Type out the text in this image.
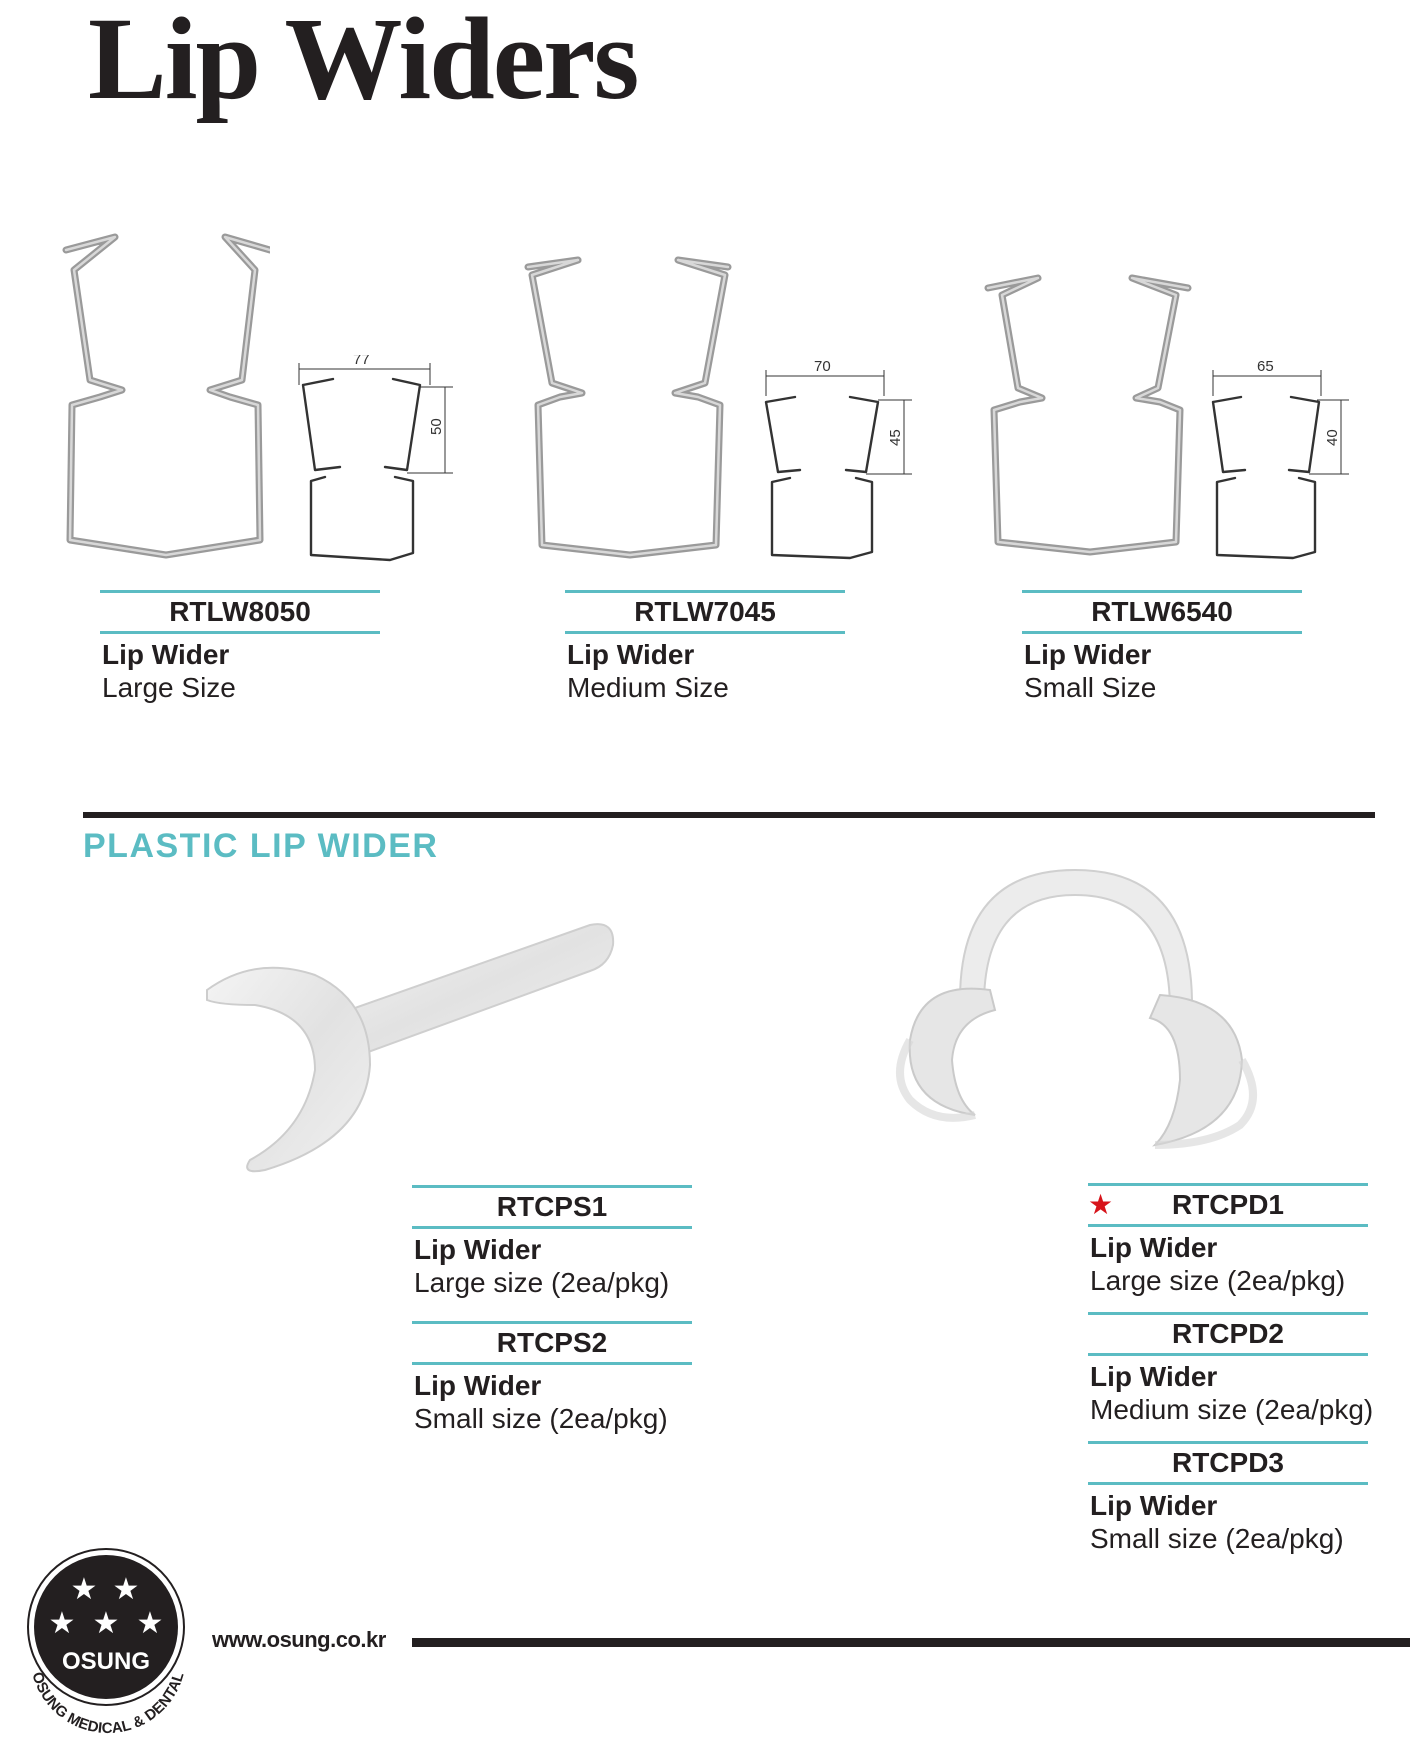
Lip Widers
77
50
RTLW8050
Lip Wider
Large Size
70
45
RTLW7045
Lip Wider
Medium Size
65
40
RTLW6540
Lip Wider
Small Size
PLASTIC LIP WIDER
RTCPS1
Lip Wider
Large size (2ea/pkg)
RTCPS2
Lip Wider
Small size (2ea/pkg)
★ RTCPD1
Lip Wider
Large size (2ea/pkg)
RTCPD2
Lip Wider
Medium size (2ea/pkg)
RTCPD3
Lip Wider
Small size (2ea/pkg)
★ ★
★ ★ ★
OSUNG
OSUNG MEDICAL & DENTAL
www.osung.co.kr
